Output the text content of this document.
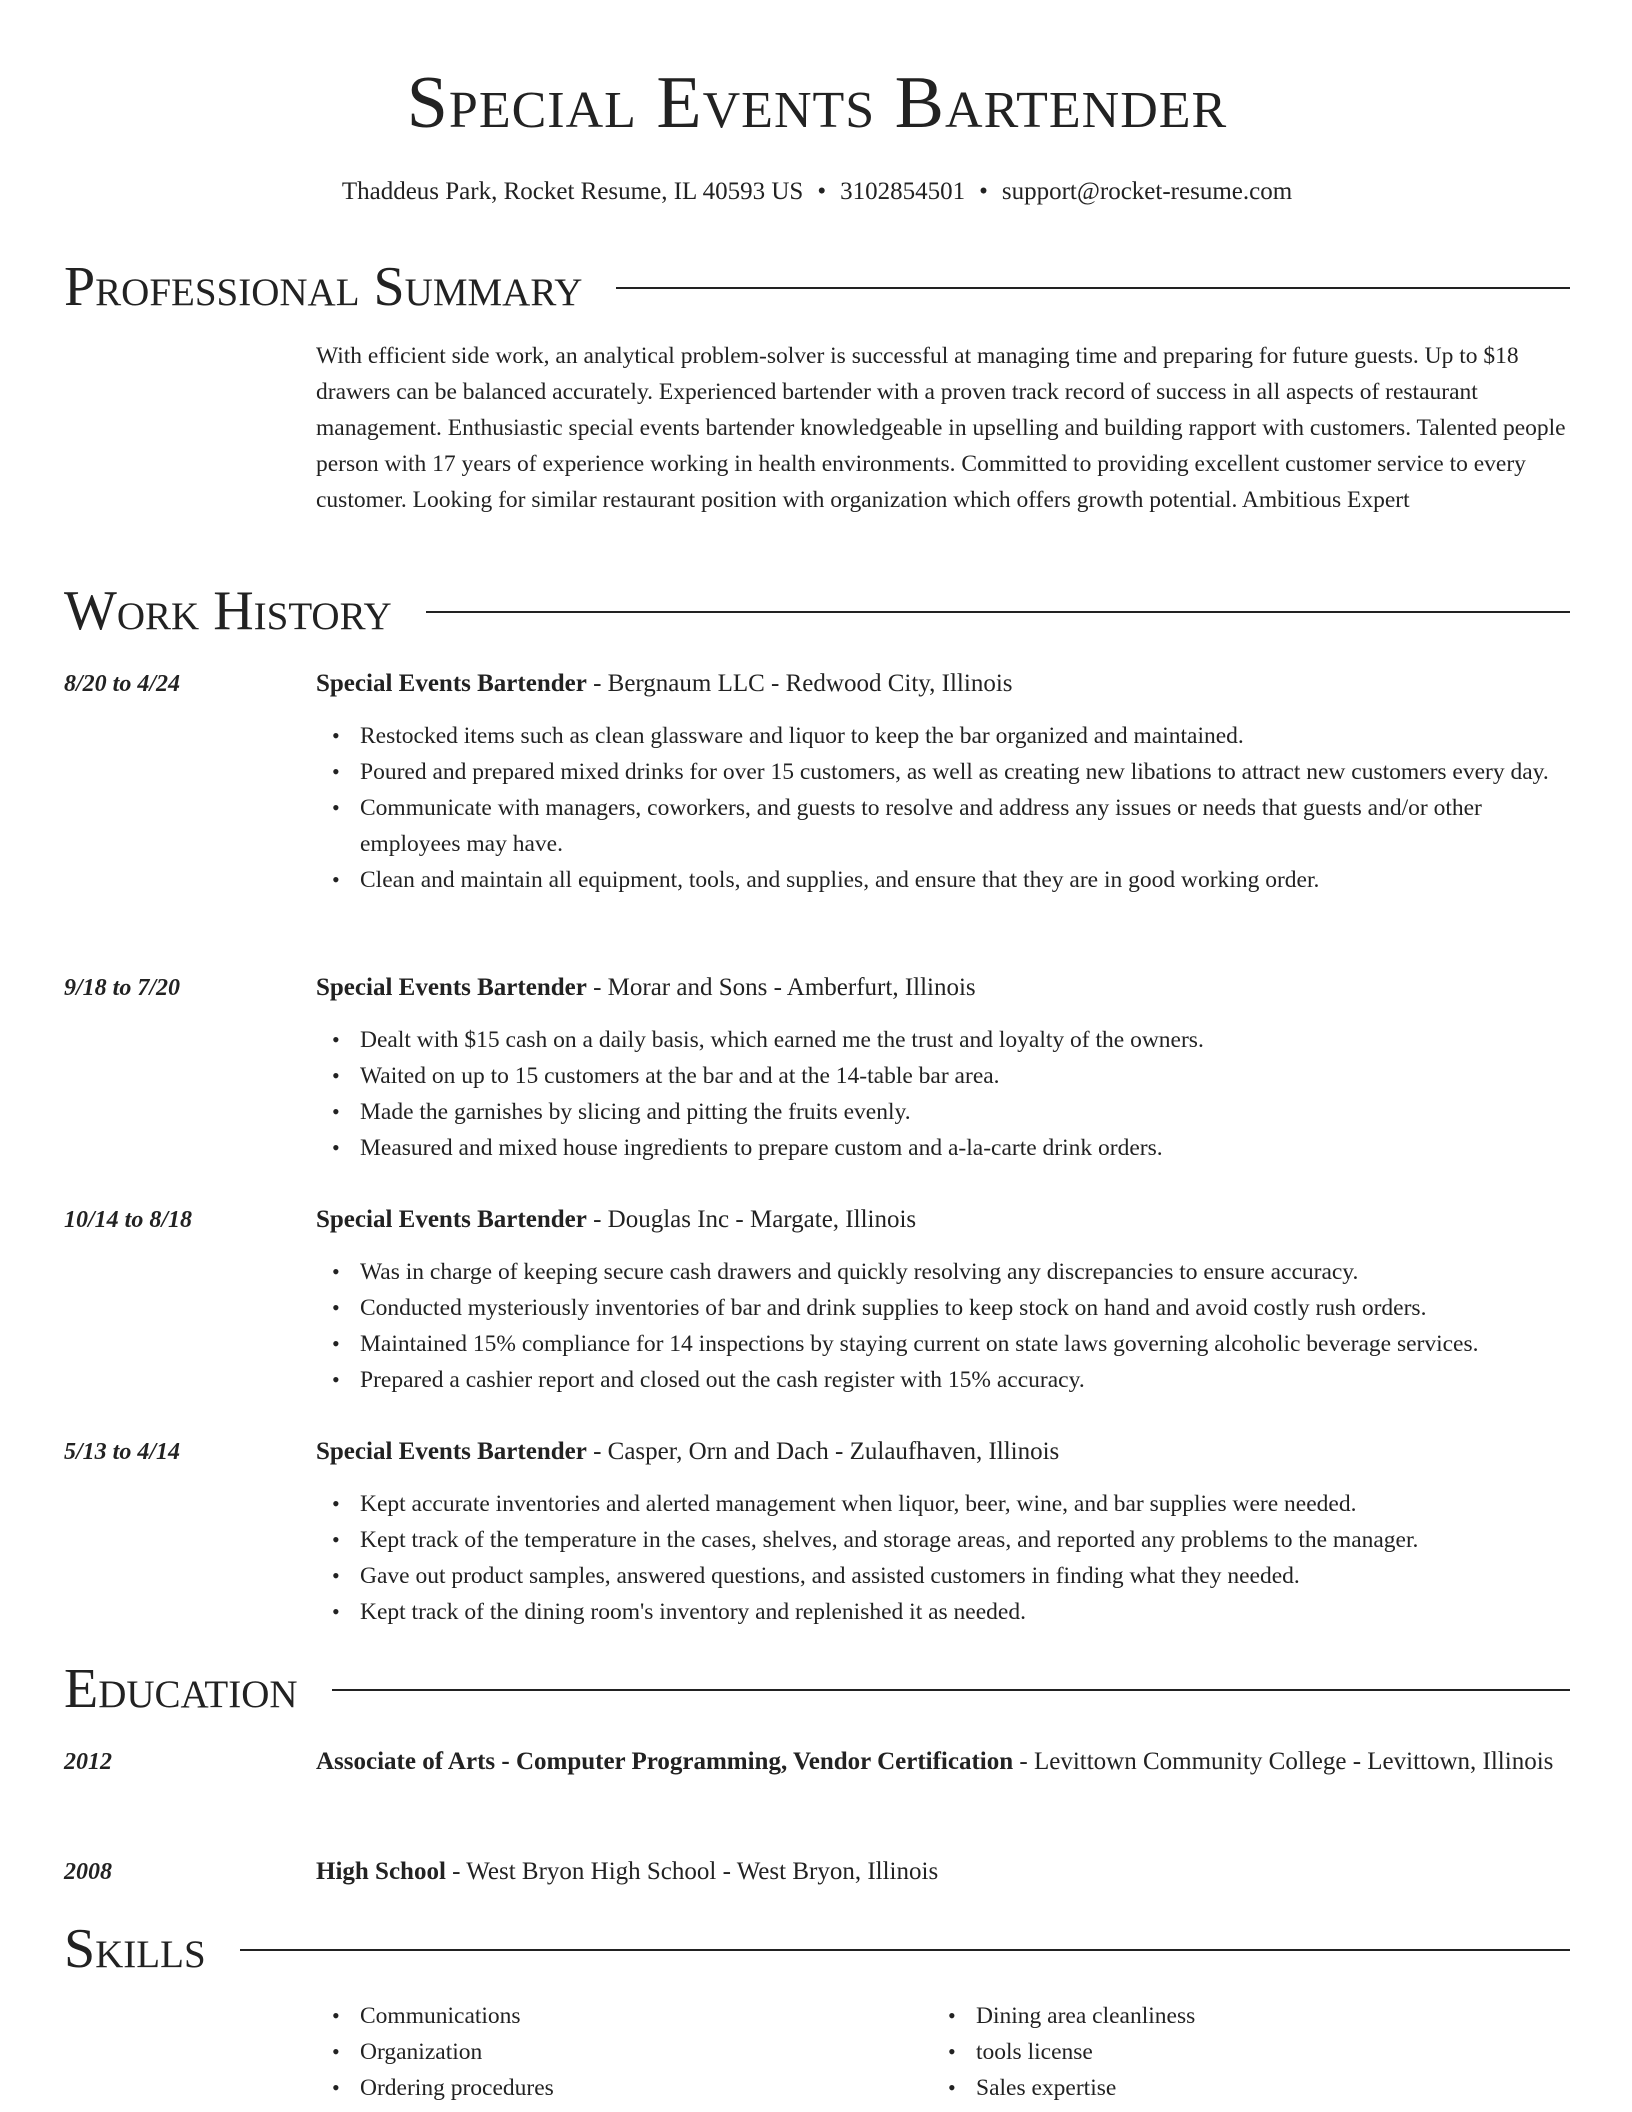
Special Events Bartender
Thaddeus Park, Rocket Resume, IL 40593 US • 3102854501 • support@rocket-resume.com
Professional Summary

With efficient side work, an analytical problem-solver is successful at managing time and preparing for future guests. Up to $18 drawers can be balanced accurately. Experienced bartender with a proven track record of success in all aspects of restaurant management. Enthusiastic special events bartender knowledgeable in upselling and building rapport with customers. Talented people person with 17 years of experience working in health environments. Committed to providing excellent customer service to every customer. Looking for similar restaurant position with organization which offers growth potential. Ambitious Expert

Work History
8/20 to 4/24	Special Events Bartender - Bergnaum LLC - Redwood City, Illinois
• Restocked items such as clean glassware and liquor to keep the bar organized and maintained.
• Poured and prepared mixed drinks for over 15 customers, as well as creating new libations to attract new customers every day.
• Communicate with managers, coworkers, and guests to resolve and address any issues or needs that guests and/or other employees may have.
• Clean and maintain all equipment, tools, and supplies, and ensure that they are in good working order.
9/18 to 7/20	Special Events Bartender - Morar and Sons - Amberfurt, Illinois
• Dealt with $15 cash on a daily basis, which earned me the trust and loyalty of the owners.
• Waited on up to 15 customers at the bar and at the 14-table bar area.
• Made the garnishes by slicing and pitting the fruits evenly.
• Measured and mixed house ingredients to prepare custom and a-la-carte drink orders.
10/14 to 8/18	Special Events Bartender - Douglas Inc - Margate, Illinois
• Was in charge of keeping secure cash drawers and quickly resolving any discrepancies to ensure accuracy.
• Conducted mysteriously inventories of bar and drink supplies to keep stock on hand and avoid costly rush orders.
• Maintained 15% compliance for 14 inspections by staying current on state laws governing alcoholic beverage services.
• Prepared a cashier report and closed out the cash register with 15% accuracy.
5/13 to 4/14	Special Events Bartender - Casper, Orn and Dach - Zulaufhaven, Illinois
• Kept accurate inventories and alerted management when liquor, beer, wine, and bar supplies were needed.
• Kept track of the temperature in the cases, shelves, and storage areas, and reported any problems to the manager.
• Gave out product samples, answered questions, and assisted customers in finding what they needed.
• Kept track of the dining room's inventory and replenished it as needed.
Education
2012	Associate of Arts - Computer Programming, Vendor Certification - Levittown Community College - Levittown, Illinois
2008	High School - West Bryon High School - West Bryon, Illinois
Skills
• Communications
• Organization
• Ordering procedures
• Dining area cleanliness
• tools license
• Sales expertise
